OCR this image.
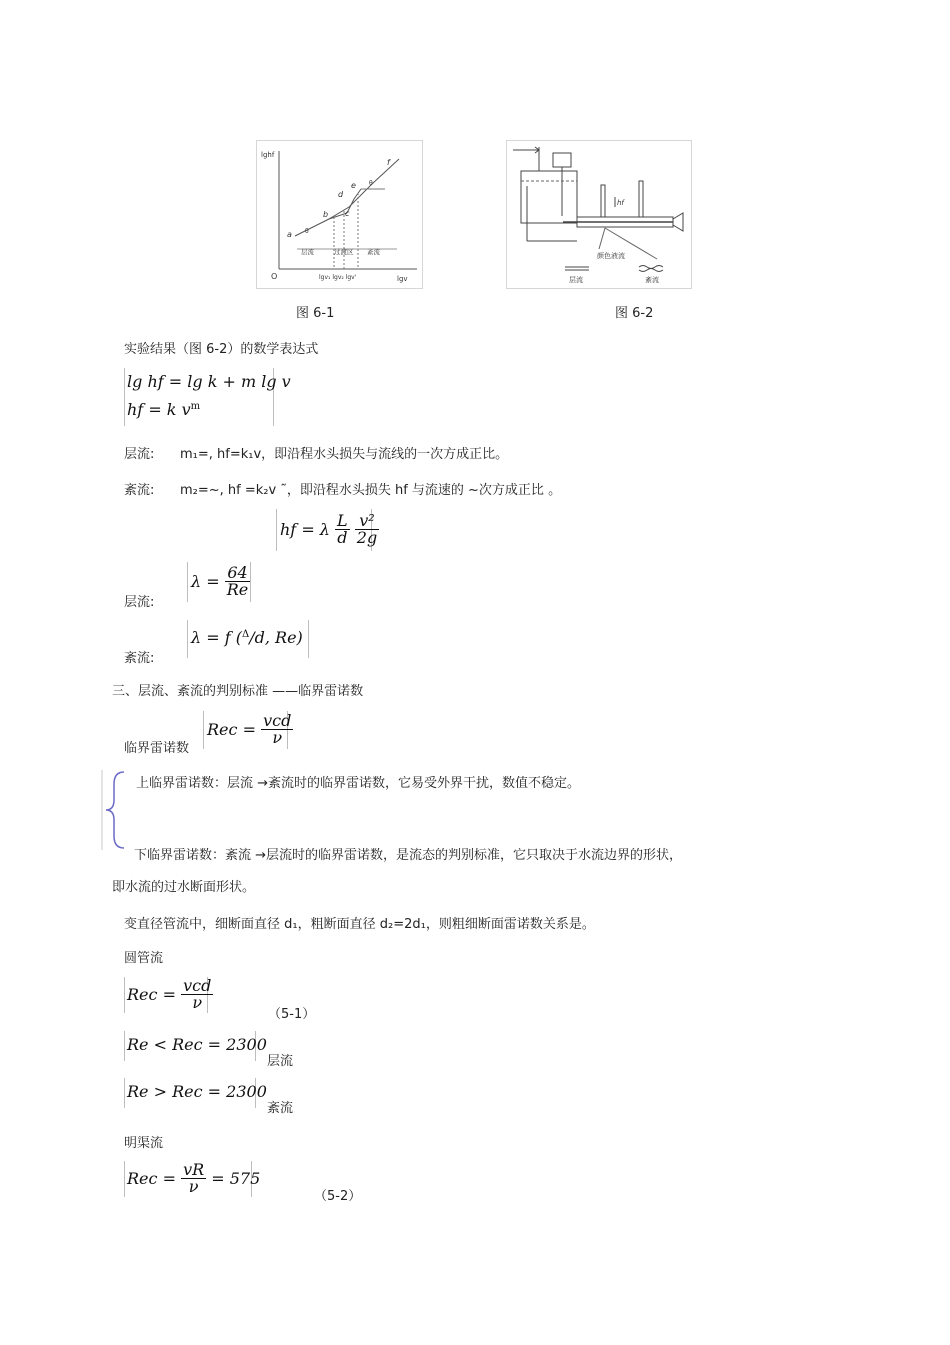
lghf
lgv
O
a
b c
d
e
f
θ
θ
层流	过渡区 紊流
lgv₁ lgv₂ lgv'
图 6-1
hf
颜色液流
层流	紊流
图 6-2
实验结果（图 6-2）的数学表达式
lg hf = lg k + m lg v
hf = k $v^m$
层流: m₁=, hf=k₁v，即沿程水头损失与流线的一次方成正比。
紊流: m₂=~, hf =k₂v ˜，即沿程水头损失 hf 与流速的 ~次方成正比 。
hf = λ $\frac{L}{d}$
$\frac{\text{v²}}{2g}$
层流:
$\lambda = \frac{64}{Re}$
紊流:
λ = f ($^\Delta$/d, Re)
三、层流、紊流的判别标准 ——临界雷诺数
临界雷诺数
Rec = $\frac{\text{vcd}}{\nu}$
上临界雷诺数：层流 →紊流时的临界雷诺数，它易受外界干扰，数值不稳定。
下临界雷诺数：紊流 →层流时的临界雷诺数，是流态的判别标准，它只取决于水流边界的形状，
即水流的过水断面形状。
变直径管流中，细断面直径 d₁，粗断面直径 d₂=2d₁，则粗细断面雷诺数关系是。
圆管流
Rec = $\frac{\text{vcd}}{\nu}$
（5-1）
Re < Rec = 2300
层流
Re > Rec = 2300
紊流
明渠流
Rec = $\frac{vR}{\nu} = 575$
（5-2）
